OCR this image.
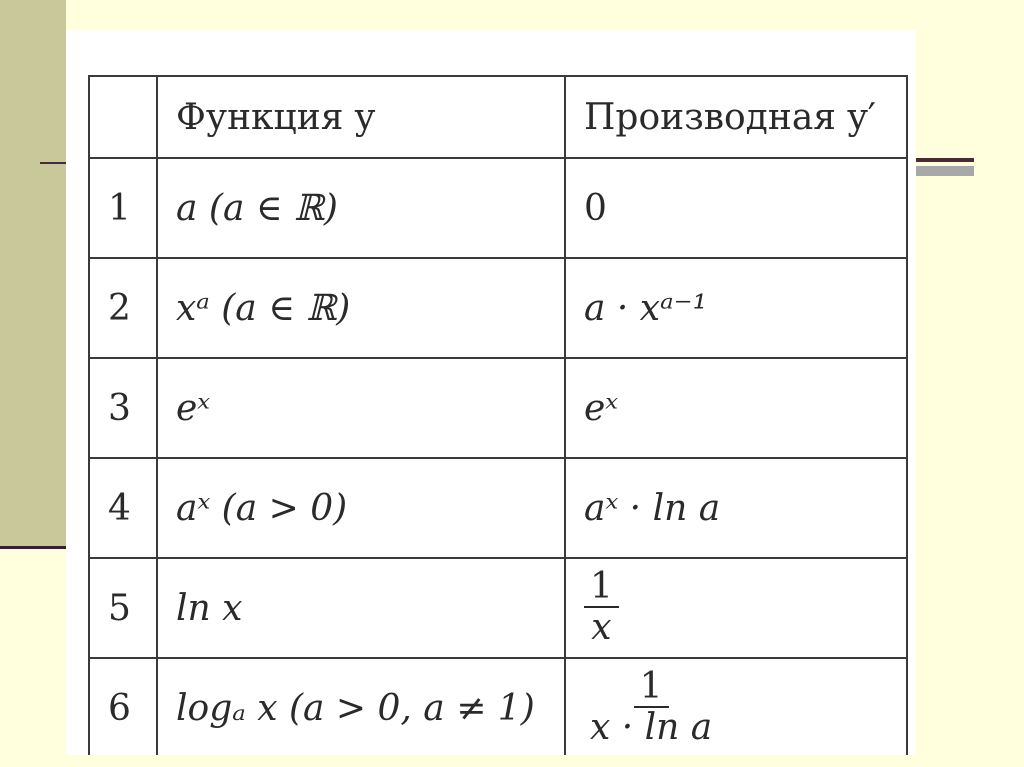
	Функция y	Производная y′
1	a (a ∈ ℝ)	0
2	xᵃ (a ∈ ℝ)	a · xᵃ⁻¹
3	eˣ	eˣ
4	aˣ (a > 0)	aˣ · ln a
5	ln x	$\frac{1}{x}$

6	logₐ x (a > 0, a ≠ 1)	$\frac{1}{\text{x · ln a}}$
